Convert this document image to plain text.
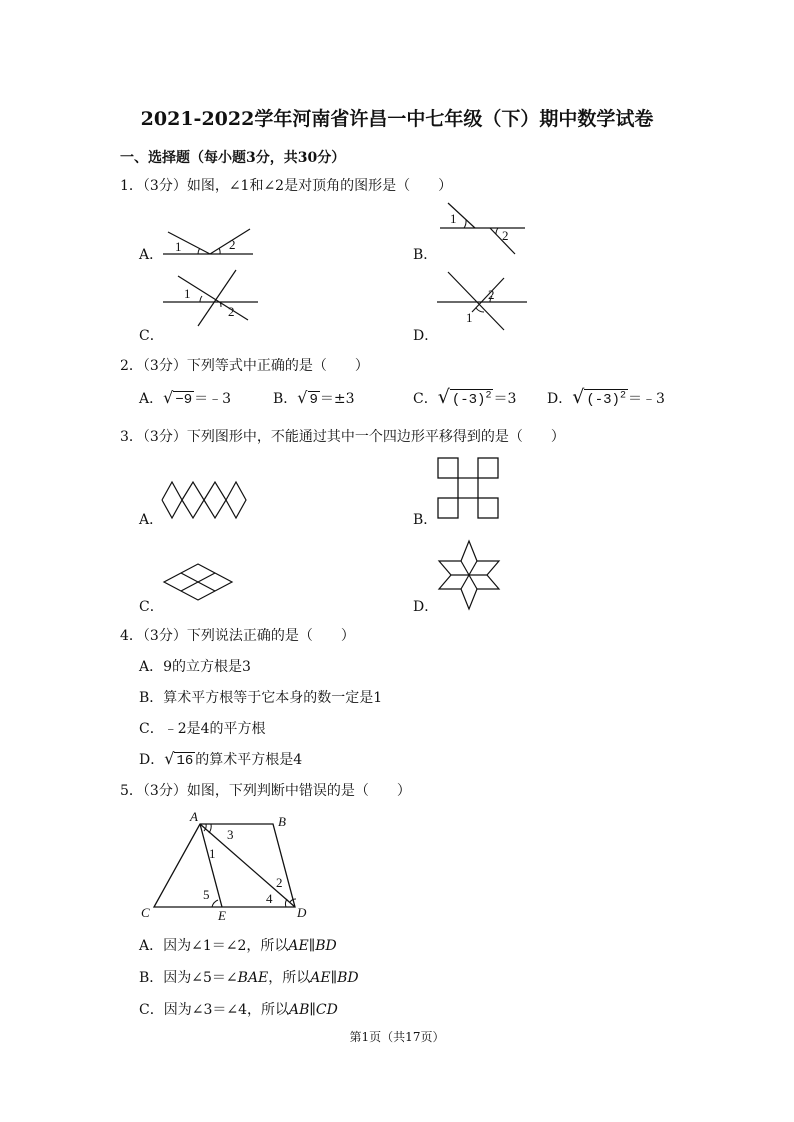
2021-2022学年河南省许昌一中七年级（下）期中数学试卷
一、选择题（每小题3分，共30分）
1．（3分）如图，∠1和∠2是对顶角的图形是（　　）
A．
1	2
B．
1
2
C．
1
2
D．
2
1
2．（3分）下列等式中正确的是（　　）
A．√ −9 ＝﹣3	B．√ 9 ＝±3	C．√ $(-3)^2 =3$ D．√ $(-3)^2$ ＝﹣3
3．（3分）下列图形中，不能通过其中一个四边形平移得到的是（　　）
A．	B．
C．	D．
4．（3分）下列说法正确的是（　　）
A．9的立方根是3
B．算术平方根等于它本身的数一定是1
C．﹣2是4的平方根
D．√ 16 的算术平方根是4
5．（3分）如图，下列判断中错误的是（　　）
A	B
C	D
E
1
2
3
4
5
A．因为∠1＝∠2，所以AE∥BD
B．因为∠5＝∠BAE，所以AE∥BD
C．因为∠3＝∠4，所以AB∥CD
第1页（共17页）
